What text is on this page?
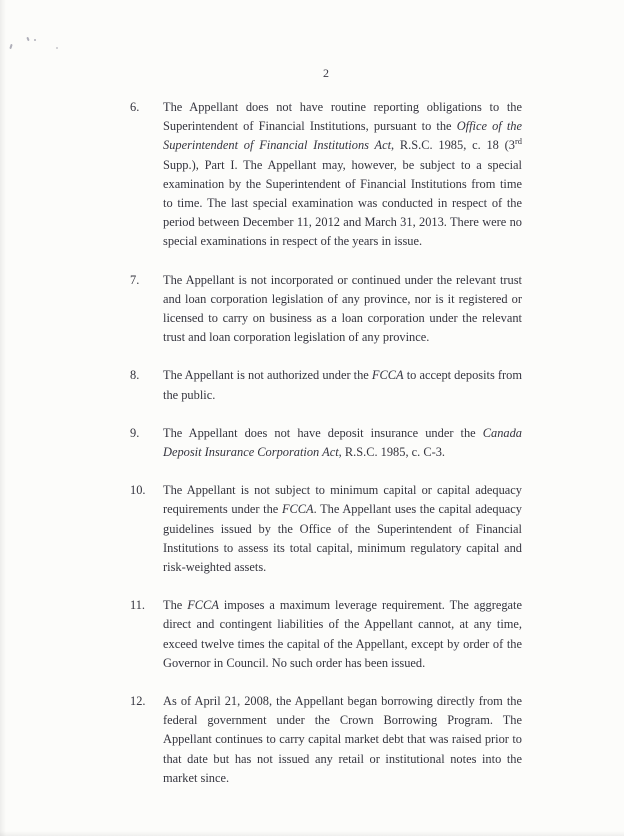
2
6.	The Appellant does not have routine reporting obligations to the Superintendent of Financial Institutions, pursuant to the Office of the Superintendent of Financial Institutions Act, R.S.C. 1985, c. 18 (3rd Supp.), Part I. The Appellant may, however, be subject to a special examination by the Superintendent of Financial Institutions from time to time. The last special examination was conducted in respect of the period between December 11, 2012 and March 31, 2013. There were no special examinations in respect of the years in issue.
7.	The Appellant is not incorporated or continued under the relevant trust and loan corporation legislation of any province, nor is it registered or licensed to carry on business as a loan corporation under the relevant trust and loan corporation legislation of any province.
8.	The Appellant is not authorized under the FCCA to accept deposits from the public.
9.	The Appellant does not have deposit insurance under the Canada Deposit Insurance Corporation Act, R.S.C. 1985, c. C-3.
10.	The Appellant is not subject to minimum capital or capital adequacy requirements under the FCCA. The Appellant uses the capital adequacy guidelines issued by the Office of the Superintendent of Financial Institutions to assess its total capital, minimum regulatory capital and risk-weighted assets.
11.	The FCCA imposes a maximum leverage requirement. The aggregate direct and contingent liabilities of the Appellant cannot, at any time, exceed twelve times the capital of the Appellant, except by order of the Governor in Council. No such order has been issued.
12.	As of April 21, 2008, the Appellant began borrowing directly from the federal government under the Crown Borrowing Program. The Appellant continues to carry capital market debt that was raised prior to that date but has not issued any retail or institutional notes into the market since.
